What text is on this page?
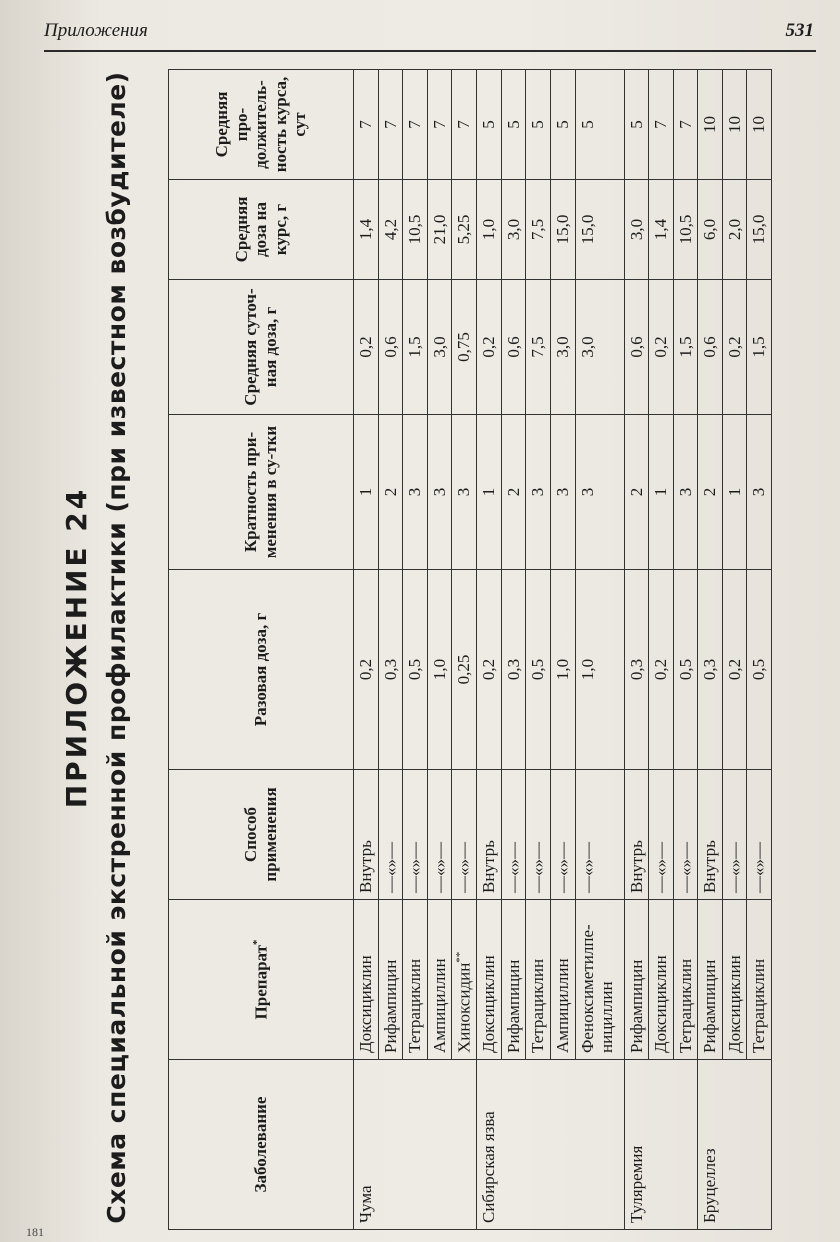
Приложения	531
ПРИЛОЖЕНИЕ 24 Схема специальной экстренной профилактики (при известном возбудителе)	Заболевание	Препарат*	Способ применения	Разовая доза, г	Кратность при-менения в су-тки	Средняя суточ-ная доза, г	Средняя доза на курс, г	Средняя про-должитель-ность курса, сут
Чума	Доксициклин	Внутрь	0,2	1	0,2	1,4	7
	Рифампицин	—«»—	0,3	2	0,6	4,2	7
	Тетрациклин	—«»—	0,5	3	1,5	10,5	7
	Ампициллин	—«»—	1,0	3	3,0	21,0	7
	Хиноксидин**	—«»—	0,25	3	0,75	5,25	7
Сибирская язва	Доксициклин	Внутрь	0,2	1	0,2	1,0	5
	Рифампицин	—«»—	0,3	2	0,6	3,0	5
	Тетрациклин	—«»—	0,5	3	7,5	7,5	5
	Ампициллин	—«»—	1,0	3	3,0	15,0	5
	Феноксиметилпе-нициллин	—«»—	1,0	3	3,0	15,0	5
Туляремия	Рифампицин	Внутрь	0,3	2	0,6	3,0	5
	Доксициклин	—«»—	0,2	1	0,2	1,4	7
	Тетрациклин	—«»—	0,5	3	1,5	10,5	7
Бруцеллез	Рифампицин	Внутрь	0,3	2	0,6	6,0	10
	Доксициклин	—«»—	0,2	1	0,2	2,0	10
	Тетрациклин	—«»—	0,5	3	1,5	15,0	10
181
